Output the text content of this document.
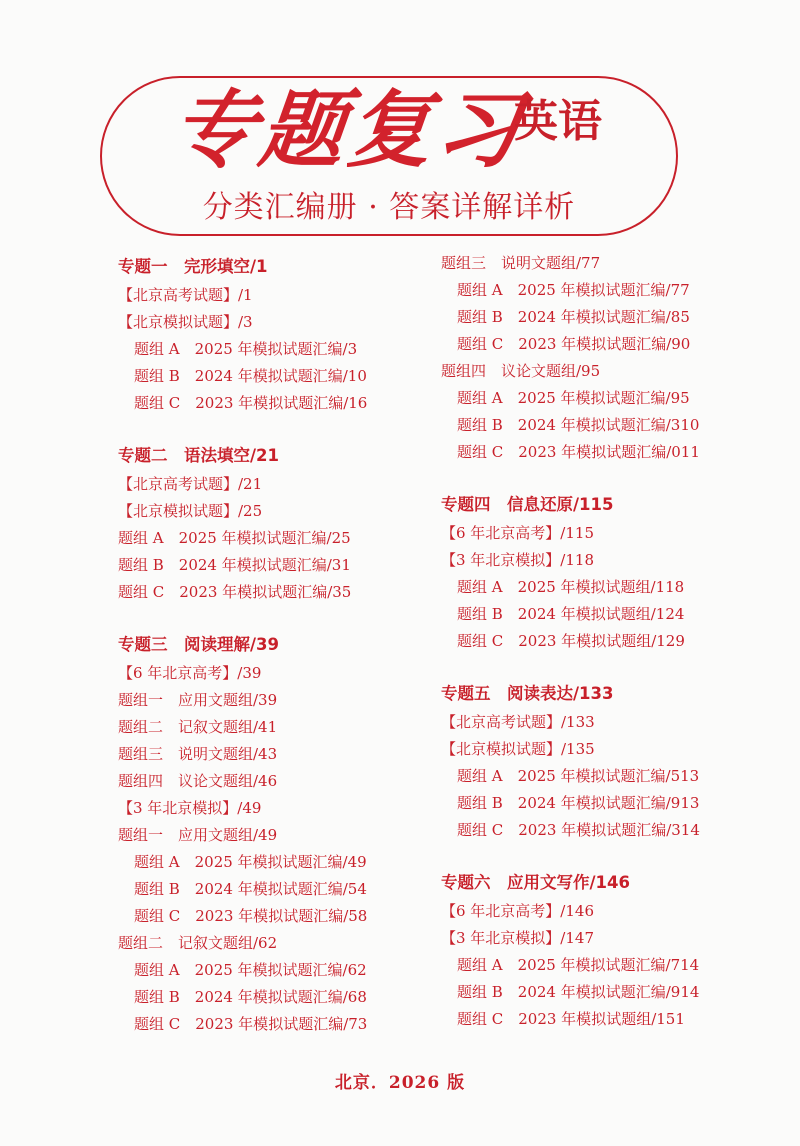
专题复习
英语
分类汇编册 · 答案详解详析
专题一　完形填空/1
【北京高考试题】/1
【北京模拟试题】/3
题组 A　2025 年模拟试题汇编/3
题组 B　2024 年模拟试题汇编/10
题组 C　2023 年模拟试题汇编/16
专题二　语法填空/21
【北京高考试题】/21
【北京模拟试题】/25
题组 A　2025 年模拟试题汇编/25
题组 B　2024 年模拟试题汇编/31
题组 C　2023 年模拟试题汇编/35
专题三　阅读理解/39
【6 年北京高考】/39
题组一　应用文题组/39
题组二　记叙文题组/41
题组三　说明文题组/43
题组四　议论文题组/46
【3 年北京模拟】/49
题组一　应用文题组/49
题组 A　2025 年模拟试题汇编/49
题组 B　2024 年模拟试题汇编/54
题组 C　2023 年模拟试题汇编/58
题组二　记叙文题组/62
题组 A　2025 年模拟试题汇编/62
题组 B　2024 年模拟试题汇编/68
题组 C　2023 年模拟试题汇编/73
题组三　说明文题组/77
题组 A　2025 年模拟试题汇编/77
题组 B　2024 年模拟试题汇编/85
题组 C　2023 年模拟试题汇编/90
题组四　议论文题组/95
题组 A　2025 年模拟试题汇编/95
题组 B　2024 年模拟试题汇编/310
题组 C　2023 年模拟试题汇编/011
专题四　信息还原/115
【6 年北京高考】/115
【3 年北京模拟】/118
题组 A　2025 年模拟试题组/118
题组 B　2024 年模拟试题组/124
题组 C　2023 年模拟试题组/129
专题五　阅读表达/133
【北京高考试题】/133
【北京模拟试题】/135
题组 A　2025 年模拟试题汇编/513
题组 B　2024 年模拟试题汇编/913
题组 C　2023 年模拟试题汇编/314
专题六　应用文写作/146
【6 年北京高考】/146
【3 年北京模拟】/147
题组 A　2025 年模拟试题汇编/714
题组 B　2024 年模拟试题汇编/914
题组 C　2023 年模拟试题组/151
北京．2026 版
